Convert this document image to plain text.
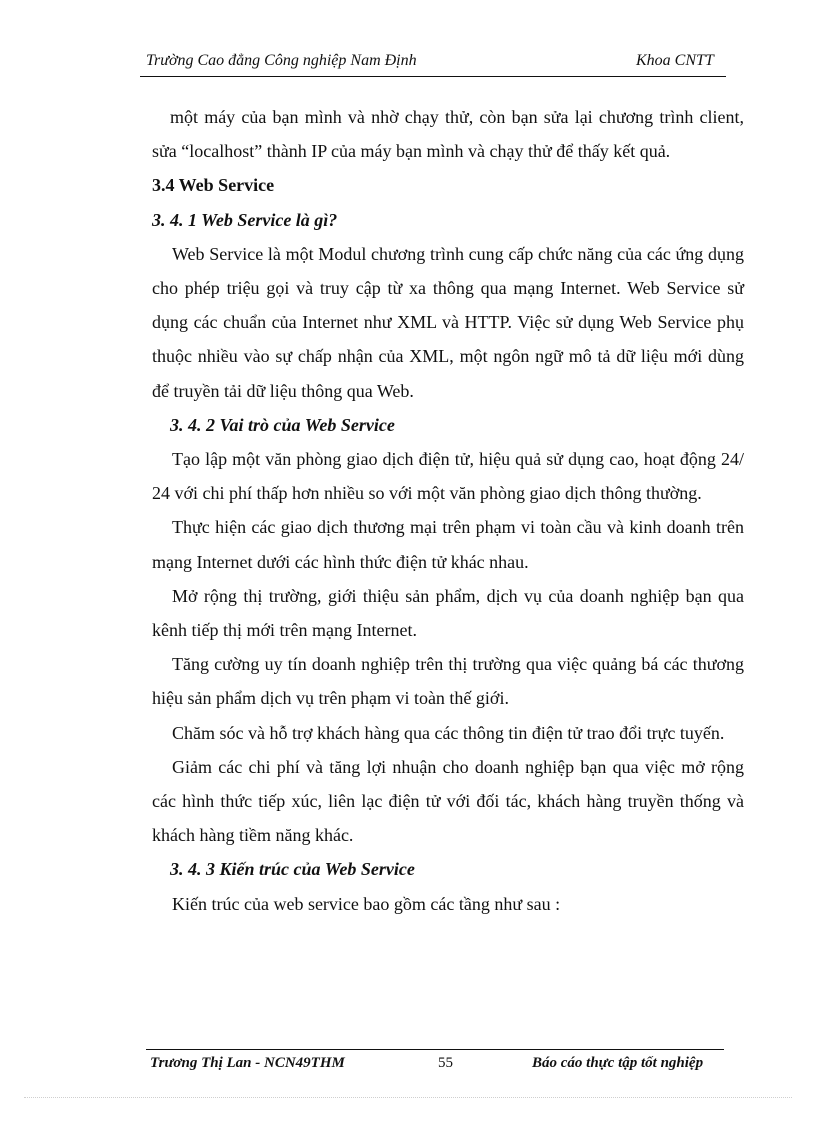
Trường Cao đẳng Công nghiệp Nam Định	Khoa CNTT

một máy của bạn mình và nhờ chạy thử, còn bạn sửa lại chương trình client, sửa “localhost” thành IP của máy bạn mình và chạy thử để thấy kết quả.

3.4 Web Service

3. 4. 1 Web Service là gì?

Web Service là một Modul chương trình cung cấp chức năng của các ứng dụng cho phép triệu gọi và truy cập từ xa thông qua mạng Internet. Web Service sử dụng các chuẩn của Internet như XML và HTTP. Việc sử dụng Web Service phụ thuộc nhiều vào sự chấp nhận của XML, một ngôn ngữ mô tả dữ liệu mới dùng để truyền tải dữ liệu thông qua Web.

3. 4. 2 Vai trò của Web Service

Tạo lập một văn phòng giao dịch điện tử, hiệu quả sử dụng cao, hoạt động 24/ 24 với chi phí thấp hơn nhiều so với một văn phòng giao dịch thông thường.

Thực hiện các giao dịch thương mại trên phạm vi toàn cầu và kinh doanh trên mạng Internet dưới các hình thức điện tử khác nhau.

Mở rộng thị trường, giới thiệu sản phẩm, dịch vụ của doanh nghiệp bạn qua kênh tiếp thị mới trên mạng Internet.

Tăng cường uy tín doanh nghiệp trên thị trường qua việc quảng bá các thương hiệu sản phẩm dịch vụ trên phạm vi toàn thế giới.

Chăm sóc và hỗ trợ khách hàng qua các thông tin điện tử trao đổi trực tuyến.

Giảm các chi phí và tăng lợi nhuận cho doanh nghiệp bạn qua việc mở rộng các hình thức tiếp xúc, liên lạc điện tử với đối tác, khách hàng truyền thống và khách hàng tiềm năng khác.

3. 4. 3 Kiến trúc của Web Service

Kiến trúc của web service bao gồm các tầng như sau :

Trương Thị Lan - NCN49THM	55	Báo cáo thực tập tốt nghiệp
